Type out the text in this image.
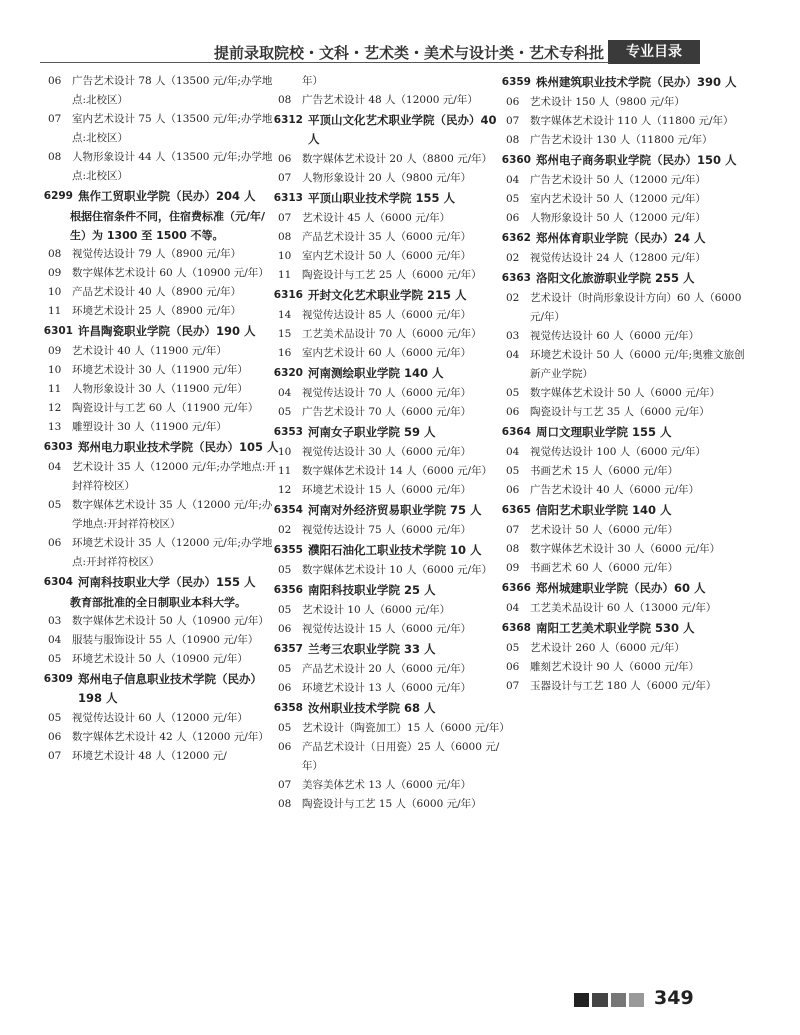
提前录取院校・文科・艺术类・美术与设计类・艺术专科批	专业目录
06	广告艺术设计 78 人（13500 元/年;办学地点:北校区）
07	室内艺术设计 75 人（13500 元/年;办学地点:北校区）
08	人物形象设计 44 人（13500 元/年;办学地点:北校区）
6299 焦作工贸职业学院（民办）204 人
根据住宿条件不同，住宿费标准（元/年/生）为 1300 至 1500 不等。
08	视觉传达设计 79 人（8900 元/年）
09	数字媒体艺术设计 60 人（10900 元/年）
10	产品艺术设计 40 人（8900 元/年）
11	环境艺术设计 25 人（8900 元/年）
6301 许昌陶瓷职业学院（民办）190 人
09	艺术设计 40 人（11900 元/年）
10	环境艺术设计 30 人（11900 元/年）
11	人物形象设计 30 人（11900 元/年）
12	陶瓷设计与工艺 60 人（11900 元/年）
13	雕塑设计 30 人（11900 元/年）
6303 郑州电力职业技术学院（民办）105 人
04	艺术设计 35 人（12000 元/年;办学地点:开封祥符校区）
05	数字媒体艺术设计 35 人（12000 元/年;办学地点:开封祥符校区）
06	环境艺术设计 35 人（12000 元/年;办学地点:开封祥符校区）
6304 河南科技职业大学（民办）155 人
教育部批准的全日制职业本科大学。
03	数字媒体艺术设计 50 人（10900 元/年）
04	服装与服饰设计 55 人（10900 元/年）
05	环境艺术设计 50 人（10900 元/年）
6309 郑州电子信息职业技术学院（民办）198 人
05	视觉传达设计 60 人（12000 元/年）
06	数字媒体艺术设计 42 人（12000 元/年）
07	环境艺术设计 48 人（12000 元/
年）
08	广告艺术设计 48 人（12000 元/年）
6312 平顶山文化艺术职业学院（民办）40 人
06	数字媒体艺术设计 20 人（8800 元/年）
07	人物形象设计 20 人（9800 元/年）
6313 平顶山职业技术学院 155 人
07	艺术设计 45 人（6000 元/年）
08	产品艺术设计 35 人（6000 元/年）
10	室内艺术设计 50 人（6000 元/年）
11	陶瓷设计与工艺 25 人（6000 元/年）
6316 开封文化艺术职业学院 215 人
14	视觉传达设计 85 人（6000 元/年）
15	工艺美术品设计 70 人（6000 元/年）
16	室内艺术设计 60 人（6000 元/年）
6320 河南测绘职业学院 140 人
04	视觉传达设计 70 人（6000 元/年）
05	广告艺术设计 70 人（6000 元/年）
6353 河南女子职业学院 59 人
10	视觉传达设计 30 人（6000 元/年）
11	数字媒体艺术设计 14 人（6000 元/年）
12	环境艺术设计 15 人（6000 元/年）
6354 河南对外经济贸易职业学院 75 人
02	视觉传达设计 75 人（6000 元/年）
6355 濮阳石油化工职业技术学院 10 人
05	数字媒体艺术设计 10 人（6000 元/年）
6356 南阳科技职业学院 25 人
05	艺术设计 10 人（6000 元/年）
06	视觉传达设计 15 人（6000 元/年）
6357 兰考三农职业学院 33 人
05	产品艺术设计 20 人（6000 元/年）
06	环境艺术设计 13 人（6000 元/年）
6358 汝州职业技术学院 68 人
05	艺术设计（陶瓷加工）15 人（6000 元/年）
06	产品艺术设计（日用瓷）25 人（6000 元/年）
07	美容美体艺术 13 人（6000 元/年）
08	陶瓷设计与工艺 15 人（6000 元/年）
6359 株州建筑职业技术学院（民办）390 人
06	艺术设计 150 人（9800 元/年）
07	数字媒体艺术设计 110 人（11800 元/年）
08	广告艺术设计 130 人（11800 元/年）
6360 郑州电子商务职业学院（民办）150 人
04	广告艺术设计 50 人（12000 元/年）
05	室内艺术设计 50 人（12000 元/年）
06	人物形象设计 50 人（12000 元/年）
6362 郑州体育职业学院（民办）24 人
02	视觉传达设计 24 人（12800 元/年）
6363 洛阳文化旅游职业学院 255 人
02	艺术设计（时尚形象设计方向）60 人（6000 元/年）
03	视觉传达设计 60 人（6000 元/年）
04	环境艺术设计 50 人（6000 元/年;奥雅文旅创新产业学院）
05	数字媒体艺术设计 50 人（6000 元/年）
06	陶瓷设计与工艺 35 人（6000 元/年）
6364 周口文理职业学院 155 人
04	视觉传达设计 100 人（6000 元/年）
05	书画艺术 15 人（6000 元/年）
06	广告艺术设计 40 人（6000 元/年）
6365 信阳艺术职业学院 140 人
07	艺术设计 50 人（6000 元/年）
08	数字媒体艺术设计 30 人（6000 元/年）
09	书画艺术 60 人（6000 元/年）
6366 郑州城建职业学院（民办）60 人
04	工艺美术品设计 60 人（13000 元/年）
6368 南阳工艺美术职业学院 530 人
05	艺术设计 260 人（6000 元/年）
06	雕刻艺术设计 90 人（6000 元/年）
07	玉器设计与工艺 180 人（6000 元/年）
349
